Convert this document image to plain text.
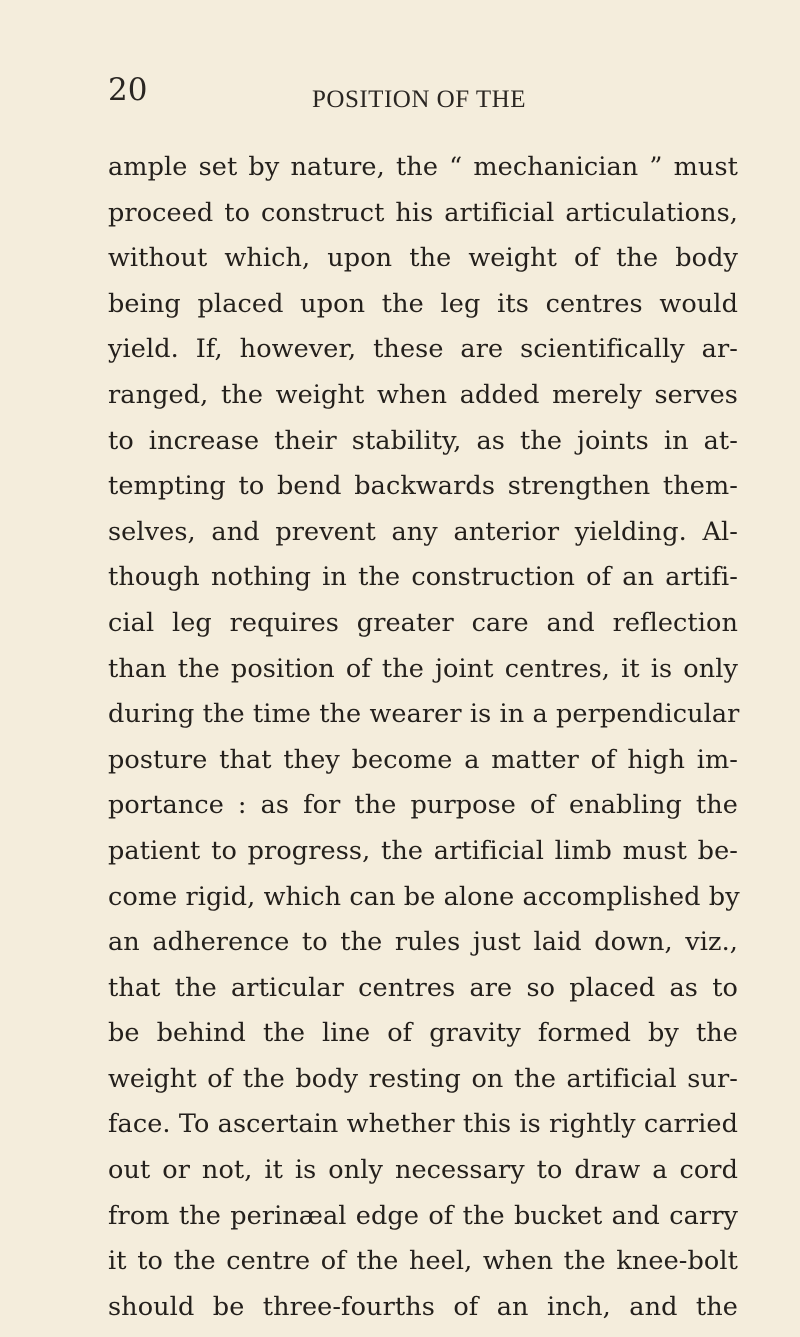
20	POSITION OF THE
ample set by nature, the “ mechanician ” must
proceed to construct his artificial articulations,
without which, upon the weight of the body
being placed upon the leg its centres would
yield. If, however, these are scientifically ar-
ranged, the weight when added merely serves
to increase their stability, as the joints in at-
tempting to bend backwards strengthen them-
selves, and prevent any anterior yielding. Al-
though nothing in the construction of an artifi-
cial leg requires greater care and reflection
than the position of the joint centres, it is only
during the time the wearer is in a perpendicular
posture that they become a matter of high im-
portance : as for the purpose of enabling the
patient to progress, the artificial limb must be-
come rigid, which can be alone accomplished by
an adherence to the rules just laid down, viz.,
that the articular centres are so placed as to
be behind the line of gravity formed by the
weight of the body resting on the artificial sur-
face. To ascertain whether this is rightly carried
out or not, it is only necessary to draw a cord
from the perinæal edge of the bucket and carry
it to the centre of the heel, when the knee-bolt
should be three-fourths of an inch, and the
